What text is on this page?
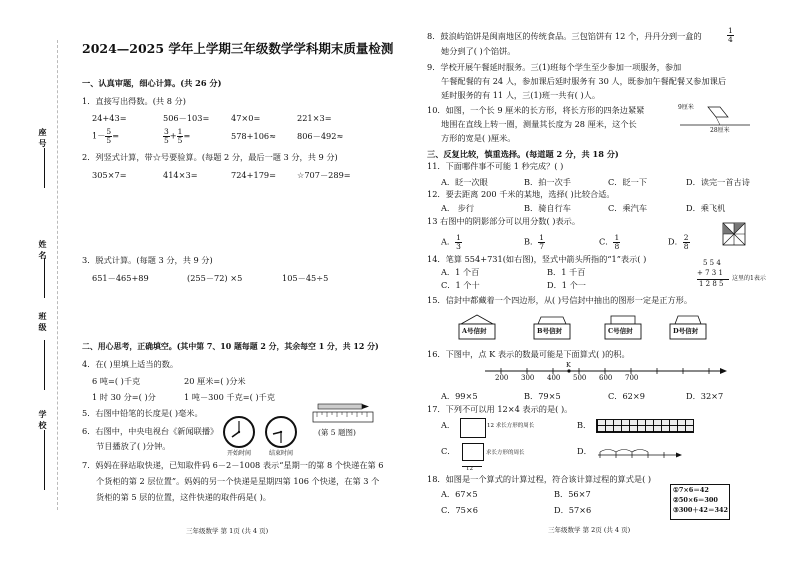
座 号
姓 名
班 级
学 校
2024—2025 学年上学期三年级数学学科期末质量检测
一、认真审题，细心计算。(共 26 分)
1．直接写出得数。(共 8 分)
24+43=	506－103=	47×0=	221×3=
$1- \frac{5}{5}$ =	$\frac{3}{5} + \frac{1}{5}$ =	578+106≈	806－492≈
2．列竖式计算，带☆号要验算。(每题 2 分，最后一题 3 分，共 9 分)
305×7=	414×3=	724+179=	☆707－289=
3．脱式计算。(每题 3 分，共 9 分)
651－465+89	(255－72) ×5	105－45÷5
二、用心思考，正确填空。(其中第 7、10 题每题 2 分，其余每空 1 分，共 12 分)
4．在( )里填上适当的数。
6 吨=( )千克	20 厘米=( )分米
1 时 30 分=( )分	1 吨－300 千克=( )千克
5．右图中铅笔的长度是( )毫米。
6．右图中，中央电视台《新闻联播》
节目播放了( )分钟。
开始时间	结束时间
(第 5 题图)
7．妈妈在驿站取快递，已知取件码 6－2－1008 表示“星期一的第 8 个快递在第 6
个货柜的第 2 层位置”。妈妈的另一个快递是星期四第 106 个快递，在第 3 个
货柜的第 5 层的位置，这件快递的取件码是( )。
三年级数学 第 1页 (共 4 页)
8．鼓浪屿馅饼是闽南地区的传统食品。三包馅饼有 12 个，丹丹分到一盒的	$\frac{1}{4}$
她分到了( )个馅饼。
9．学校开展午餐延时服务。三(1)班每个学生至少参加一项服务，参加
午餐配餐的有 24 人，参加课后延时服务有 30 人，既参加午餐配餐又参加课后
延时服务的有 11 人，三(1)班一共有( )人。
10．如图，一个长 9 厘米的长方形，将长方形的四条边紧紧
地围在直线上转一圈，测量其长度为 28 厘米，这个长
方形的宽是( )厘米。
9厘米
28厘米
三、反复比较，慎重选择。(每道题 2 分，共 18 分)
11．下面哪件事不可能 1 秒完成？( )
A．眨一次眼	B．拍一次手	C．眨一下	D．读完一首古诗
12．要去距离 200 千米的某地，选择( )比较合适。
A． 步行	B．骑自行车	C．乘汽车	D．乘飞机
13 右图中的阴影部分可以用分数( )表示。
A． $\frac{1}{3}$	B． $\frac{1}{7}$	C． $\frac{1}{8}$	D． $\frac{2}{8}$
14．笔算 554+731(如右图)，竖式中箭头所指的“1”表示( )
A．1 个百	B．1 千百
C．1 个十	D．1 个一
5 5 4
+ 7 3 1
1 2 8 5
这里的1表示
15．信封中都藏着一个四边形，从( )号信封中抽出的图形一定是正方形。
A号信封	B号信封	C号信封	D号信封
16．下图中，点 K 表示的数最可能是下面算式( )的积。
K
200 300 400 500 600 700
A．99×5	B．79×5	C．62×9	D．32×7
17．下列不可以用 12×4 表示的是( )。
A．	12 求长方形的周长	B．
C．
12
求长方形的周长	D．
18．如图是一个算式的计算过程，符合该计算过程的算式是( )
A．67×5	B．56×7
C．75×6	D．57×6
①7×6＝42
②50×6＝300
③300＋42＝342
三年级数学 第 2页 (共 4 页)
